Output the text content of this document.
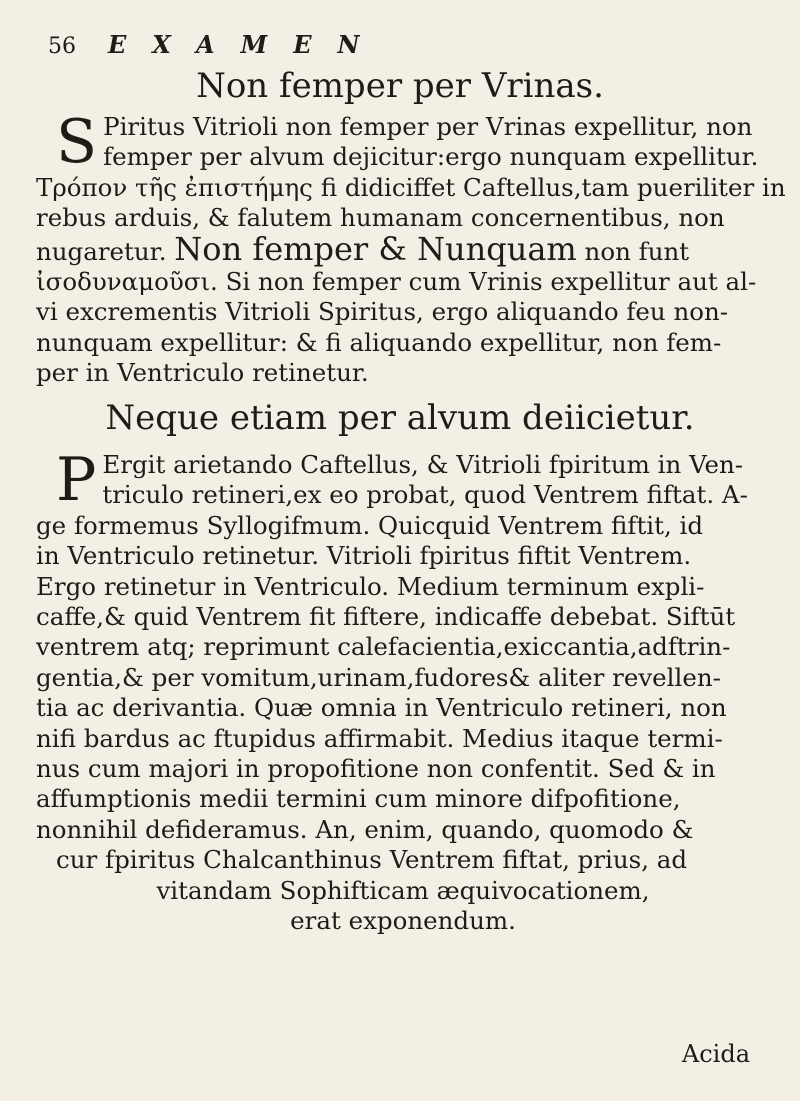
56 EXAMEN
Non femper per Vrinas.
S Piritus Vitrioli non femper per Vrinas expellitur, non
femper per alvum dejicitur:ergo nunquam expellitur.
Τρόπον τῆς ἐπιστήμης fi didiciffet Caftellus,tam pueriliter in
rebus arduis, & falutem humanam concernentibus, non
nugaretur. Non femper & Nunquam non funt
ἰσοδυναμοῦσι. Si non femper cum Vrinis expellitur aut al-
vi excrementis Vitrioli Spiritus, ergo aliquando feu non-
nunquam expellitur: & fi aliquando expellitur, non fem-
per in Ventriculo retinetur.
Neque etiam per alvum deiicietur.
P Ergit arietando Caftellus, & Vitrioli fpiritum in Ven-
triculo retineri,ex eo probat, quod Ventrem fiftat. A-
ge formemus Syllogifmum. Quicquid Ventrem fiftit, id
in Ventriculo retinetur. Vitrioli fpiritus fiftit Ventrem.
Ergo retinetur in Ventriculo. Medium terminum expli-
caffe,& quid Ventrem fit fiftere, indicaffe debebat. Siftūt
ventrem atq; reprimunt calefacientia,exiccantia,adftrin-
gentia,& per vomitum,urinam,fudores& aliter revellen-
tia ac derivantia. Quæ omnia in Ventriculo retineri, non
nifi bardus ac ftupidus affirmabit. Medius itaque termi-
nus cum majori in propofitione non confentit. Sed & in
affumptionis medii termini cum minore difpofitione,
nonnihil defideramus. An, enim, quando, quomodo &
cur fpiritus Chalcanthinus Ventrem fiftat, prius, ad
vitandam Sophifticam æquivocationem,
erat exponendum.
Acida
